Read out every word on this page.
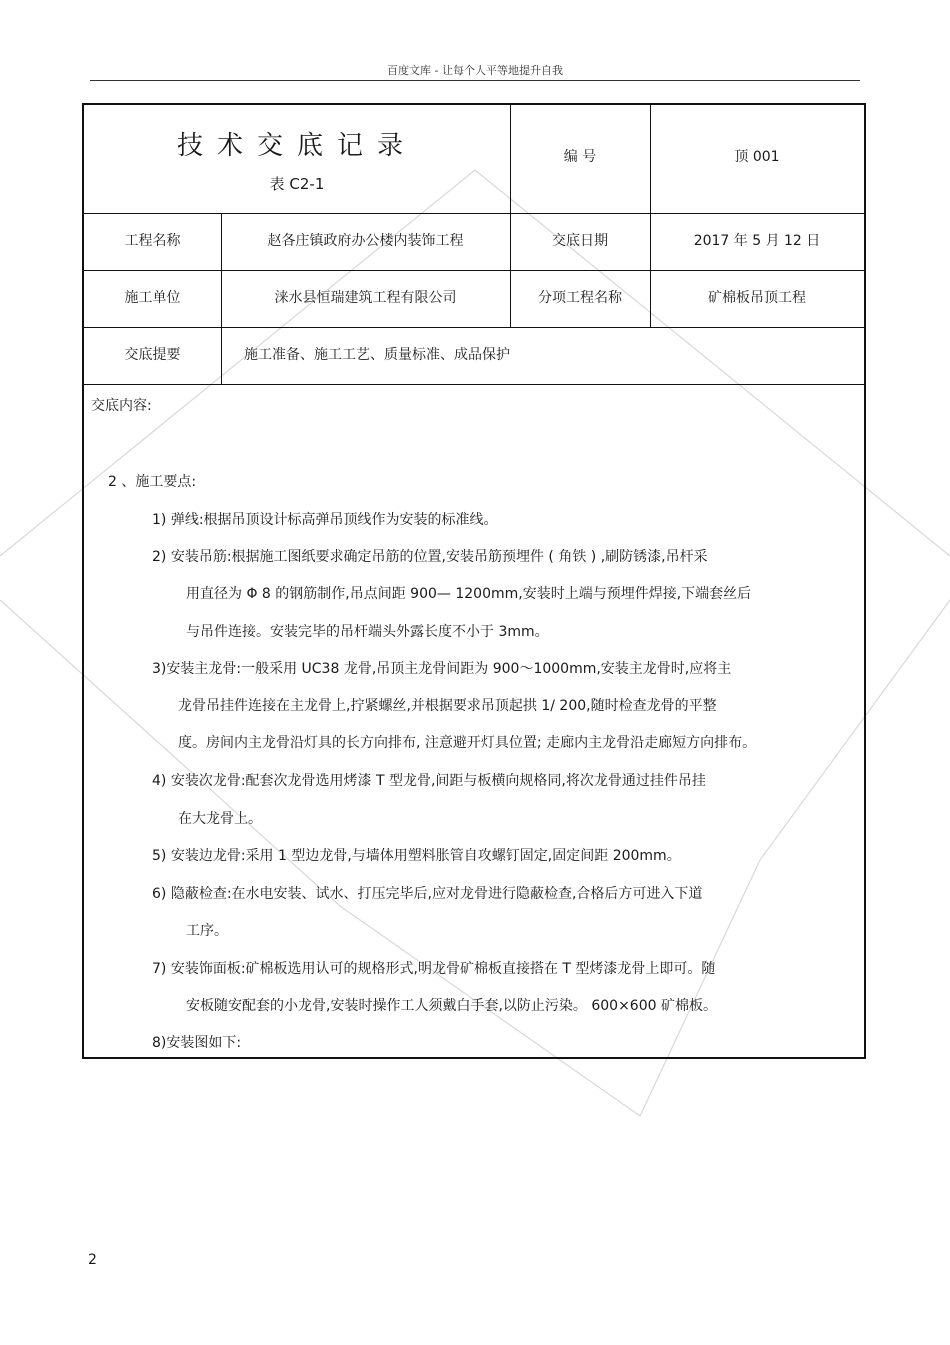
百度文库 - 让每个人平等地提升自我
技术交底记录
表 C2-1
编 号	顶 001
工程名称	赵各庄镇政府办公楼内装饰工程	交底日期	2017 年 5 月 12 日
施工单位	涞水县恒瑞建筑工程有限公司	分项工程名称	矿棉板吊顶工程
交底提要	施工准备、施工工艺、质量标准、成品保护
交底内容:
2 、施工要点:
1) 弹线:根据吊顶设计标高弹吊顶线作为安装的标准线。
2) 安装吊筋:根据施工图纸要求确定吊筋的位置,安装吊筋预埋件 ( 角铁 ) ,刷防锈漆,吊杆采
用直径为 Φ 8 的钢筋制作,吊点间距 900— 1200mm,安装时上端与预埋件焊接,下端套丝后
与吊件连接。安装完毕的吊杆端头外露长度不小于 3mm。
3)安装主龙骨:一般采用 UC38 龙骨,吊顶主龙骨间距为 900～1000mm,安装主龙骨时,应将主
龙骨吊挂件连接在主龙骨上,拧紧螺丝,并根据要求吊顶起拱 1/ 200,随时检查龙骨的平整
度。房间内主龙骨沿灯具的长方向排布, 注意避开灯具位置; 走廊内主龙骨沿走廊短方向排布。
4) 安装次龙骨:配套次龙骨选用烤漆 T 型龙骨,间距与板横向规格同,将次龙骨通过挂件吊挂
在大龙骨上。
5) 安装边龙骨:采用 1 型边龙骨,与墙体用塑料胀管自攻螺钉固定,固定间距 200mm。
6) 隐蔽检查:在水电安装、试水、打压完毕后,应对龙骨进行隐蔽检查,合格后方可进入下道
工序。
7) 安装饰面板:矿棉板选用认可的规格形式,明龙骨矿棉板直接搭在 T 型烤漆龙骨上即可。随
安板随安配套的小龙骨,安装时操作工人须戴白手套,以防止污染。 600×600 矿棉板。
8)安装图如下:
2
